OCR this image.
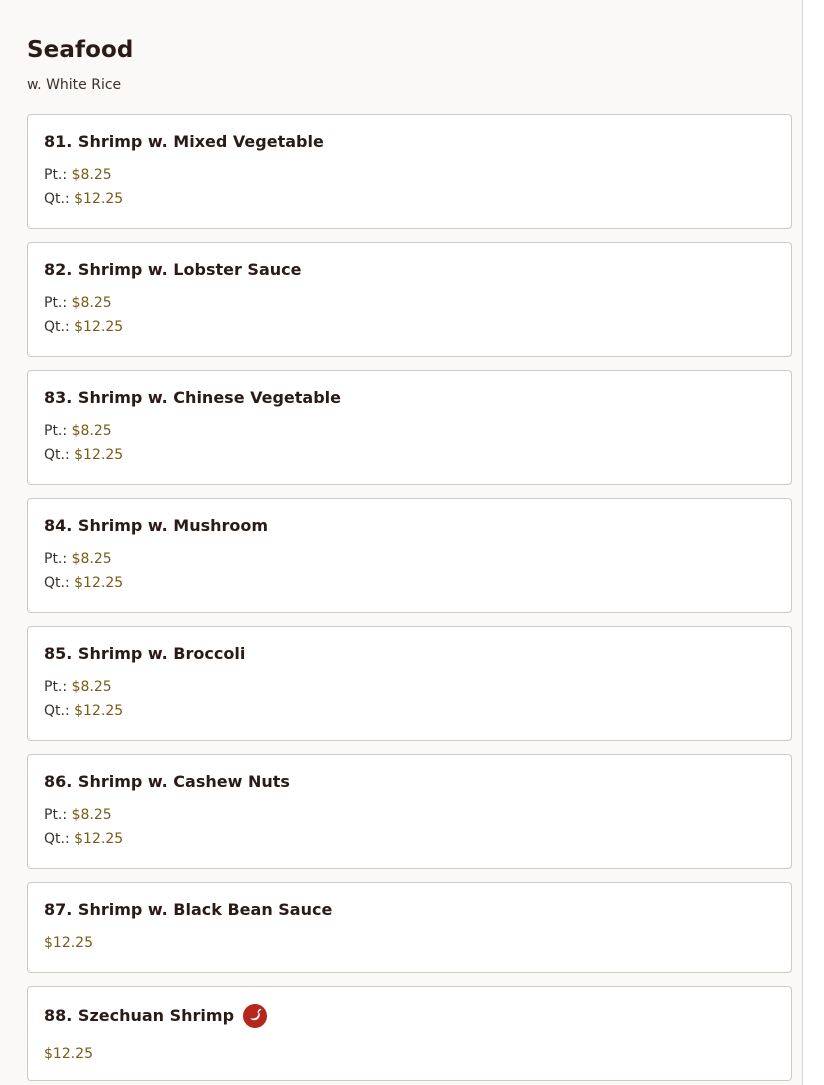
Seafood

w. White Rice

81. Shrimp w. Mixed Vegetable
Pt.: $8.25
Qt.: $12.25
82. Shrimp w. Lobster Sauce
Pt.: $8.25
Qt.: $12.25
83. Shrimp w. Chinese Vegetable
Pt.: $8.25
Qt.: $12.25
84. Shrimp w. Mushroom
Pt.: $8.25
Qt.: $12.25
85. Shrimp w. Broccoli
Pt.: $8.25
Qt.: $12.25
86. Shrimp w. Cashew Nuts
Pt.: $8.25
Qt.: $12.25
87. Shrimp w. Black Bean Sauce
$12.25
88. Szechuan Shrimp
$12.25
